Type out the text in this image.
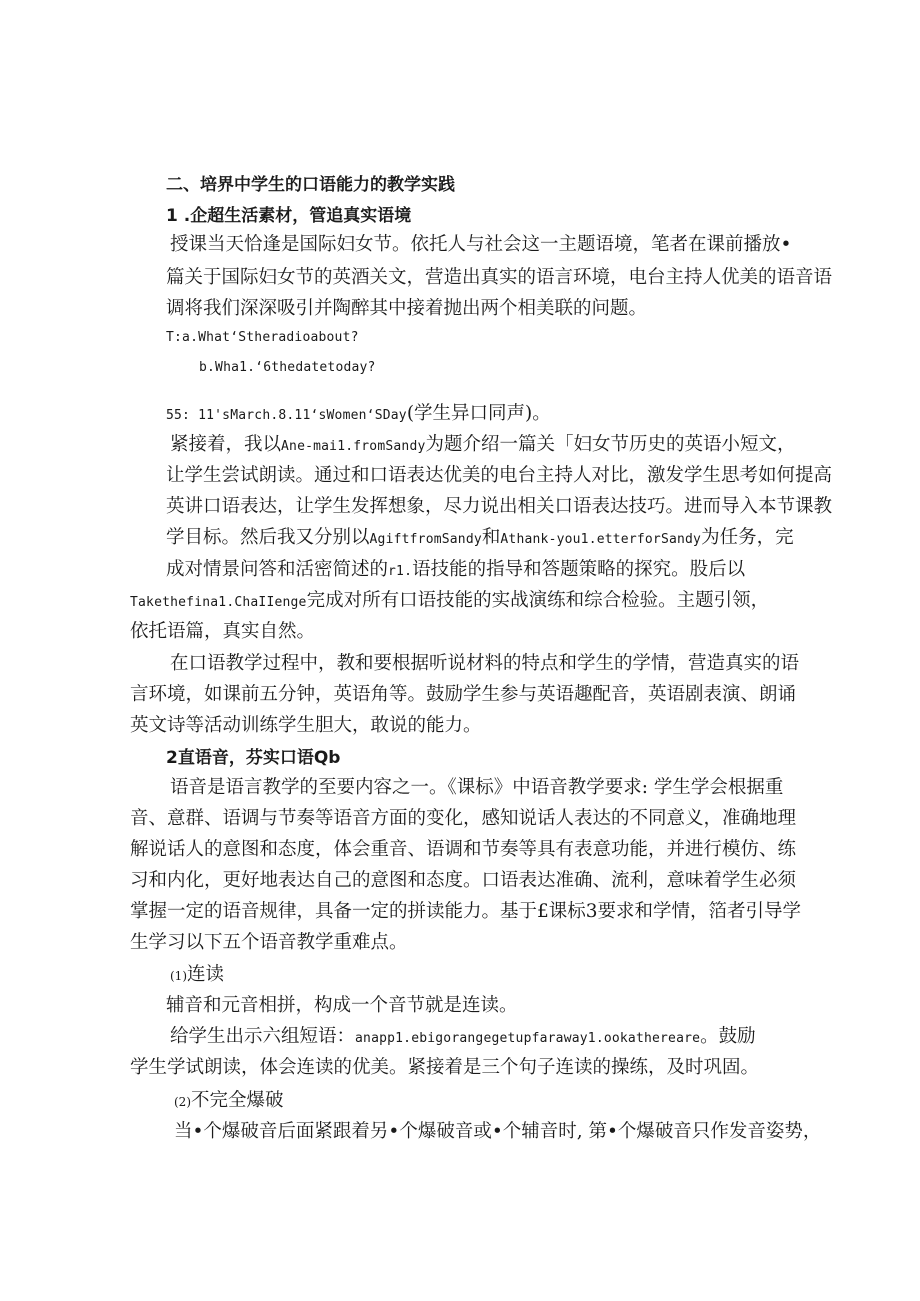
二、培界中学生的口语能力的教学实践
1 .企超生活素材，管追真实语境
授课当天恰逢是国际妇女节。依托人与社会这一主题语境，笔者在课前播放•
篇关于国际妇女节的英酒关文，营造出真实的语言环境，电台主持人优美的语音语
调将我们深深吸引并陶醉其中接着抛出两个相美联的问题。
T:a.What‘Stheradioabout?
b.Wha1.‘6thedatetoday?
55: 11'sMarch.8.11‘sWomen‘SDay(学生异口同声)。
紧接着，我以Ane-mai1.fromSandy为题介绍一篇关「妇女节历史的英语小短文，
让学生尝试朗读。通过和口语表达优美的电台主持人对比，激发学生思考如何提高
英讲口语表达，让学生发挥想象，尽力说出相关口语表达技巧。进而导入本节课教
学目标。然后我又分别以AgiftfromSandy和Athank-you1.etterforSandy为任务，完
成对情景问答和活密简述的r1.语技能的指导和答题策略的探究。股后以
Takethefina1.ChaIIenge完成对所有口语技能的实战演练和综合检验。主题引领，
依托语篇，真实自然。
在口语教学过程中，教和要根据听说材料的特点和学生的学情，营造真实的语
言环境，如课前五分钟，英语角等。鼓励学生参与英语趣配音，英语剧表演、朗诵
英文诗等活动训练学生胆大，敢说的能力。
2直语音，芬实口语Qb
语音是语言教学的至要内容之一。《课标》中语音教学要求: 学生学会根据重
音、意群、语调与节奏等语音方面的变化，感知说话人表达的不同意义，准确地理
解说话人的意图和态度，体会重音、语调和节奏等具有表意功能，并进行模仿、练
习和内化，更好地表达自己的意图和态度。口语表达准确、流利，意味着学生必须
掌握一定的语音规律，具备一定的拼读能力。基于£课标3要求和学情，箔者引导学
生学习以下五个语音教学重难点。
(1)连读
辅音和元音相拼，构成一个音节就是连读。
给学生出示六组短语：anapp1.ebigorangegetupfaraway1.ookathereare。鼓励
学生学试朗读，体会连读的优美。紧接着是三个句子连读的操练，及时巩固。
(2)不完全爆破
当•个爆破音后面紧跟着另•个爆破音或•个辅音时, 第•个爆破音只作发音姿势，
